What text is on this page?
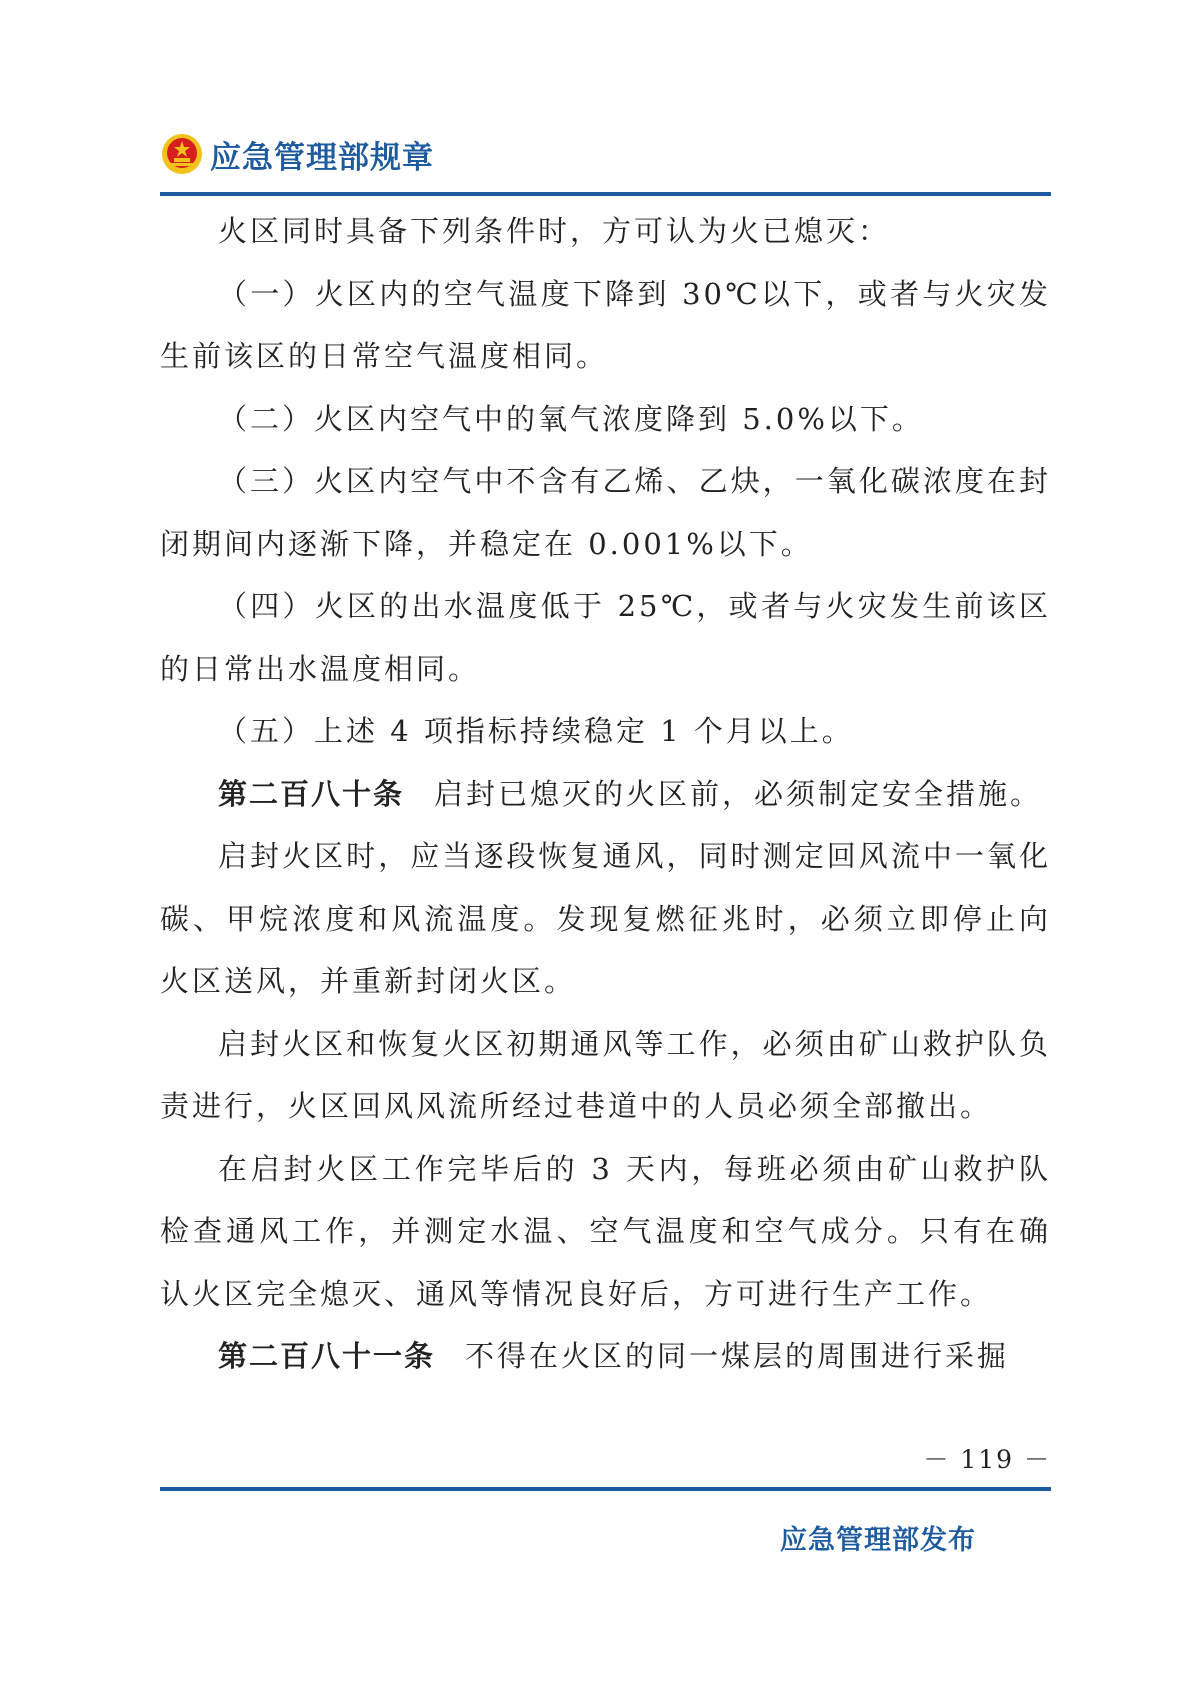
应急管理部规章

火区同时具备下列条件时，方可认为火已熄灭：

（一）火区内的空气温度下降到 30℃以下，或者与火灾发生前该区的日常空气温度相同。

（二）火区内空气中的氧气浓度降到 5.0%以下。

（三）火区内空气中不含有乙烯、乙炔，一氧化碳浓度在封闭期间内逐渐下降，并稳定在 0.001%以下。

（四）火区的出水温度低于 25℃，或者与火灾发生前该区的日常出水温度相同。

（五）上述 4 项指标持续稳定 1 个月以上。

第二百八十条 启封已熄灭的火区前，必须制定安全措施。

启封火区时，应当逐段恢复通风，同时测定回风流中一氧化碳、甲烷浓度和风流温度。发现复燃征兆时，必须立即停止向火区送风，并重新封闭火区。

启封火区和恢复火区初期通风等工作，必须由矿山救护队负责进行，火区回风风流所经过巷道中的人员必须全部撤出。

在启封火区工作完毕后的 3 天内，每班必须由矿山救护队检查通风工作，并测定水温、空气温度和空气成分。只有在确认火区完全熄灭、通风等情况良好后，方可进行生产工作。

第二百八十一条 不得在火区的同一煤层的周围进行采掘

－ 119 －
应急管理部发布
